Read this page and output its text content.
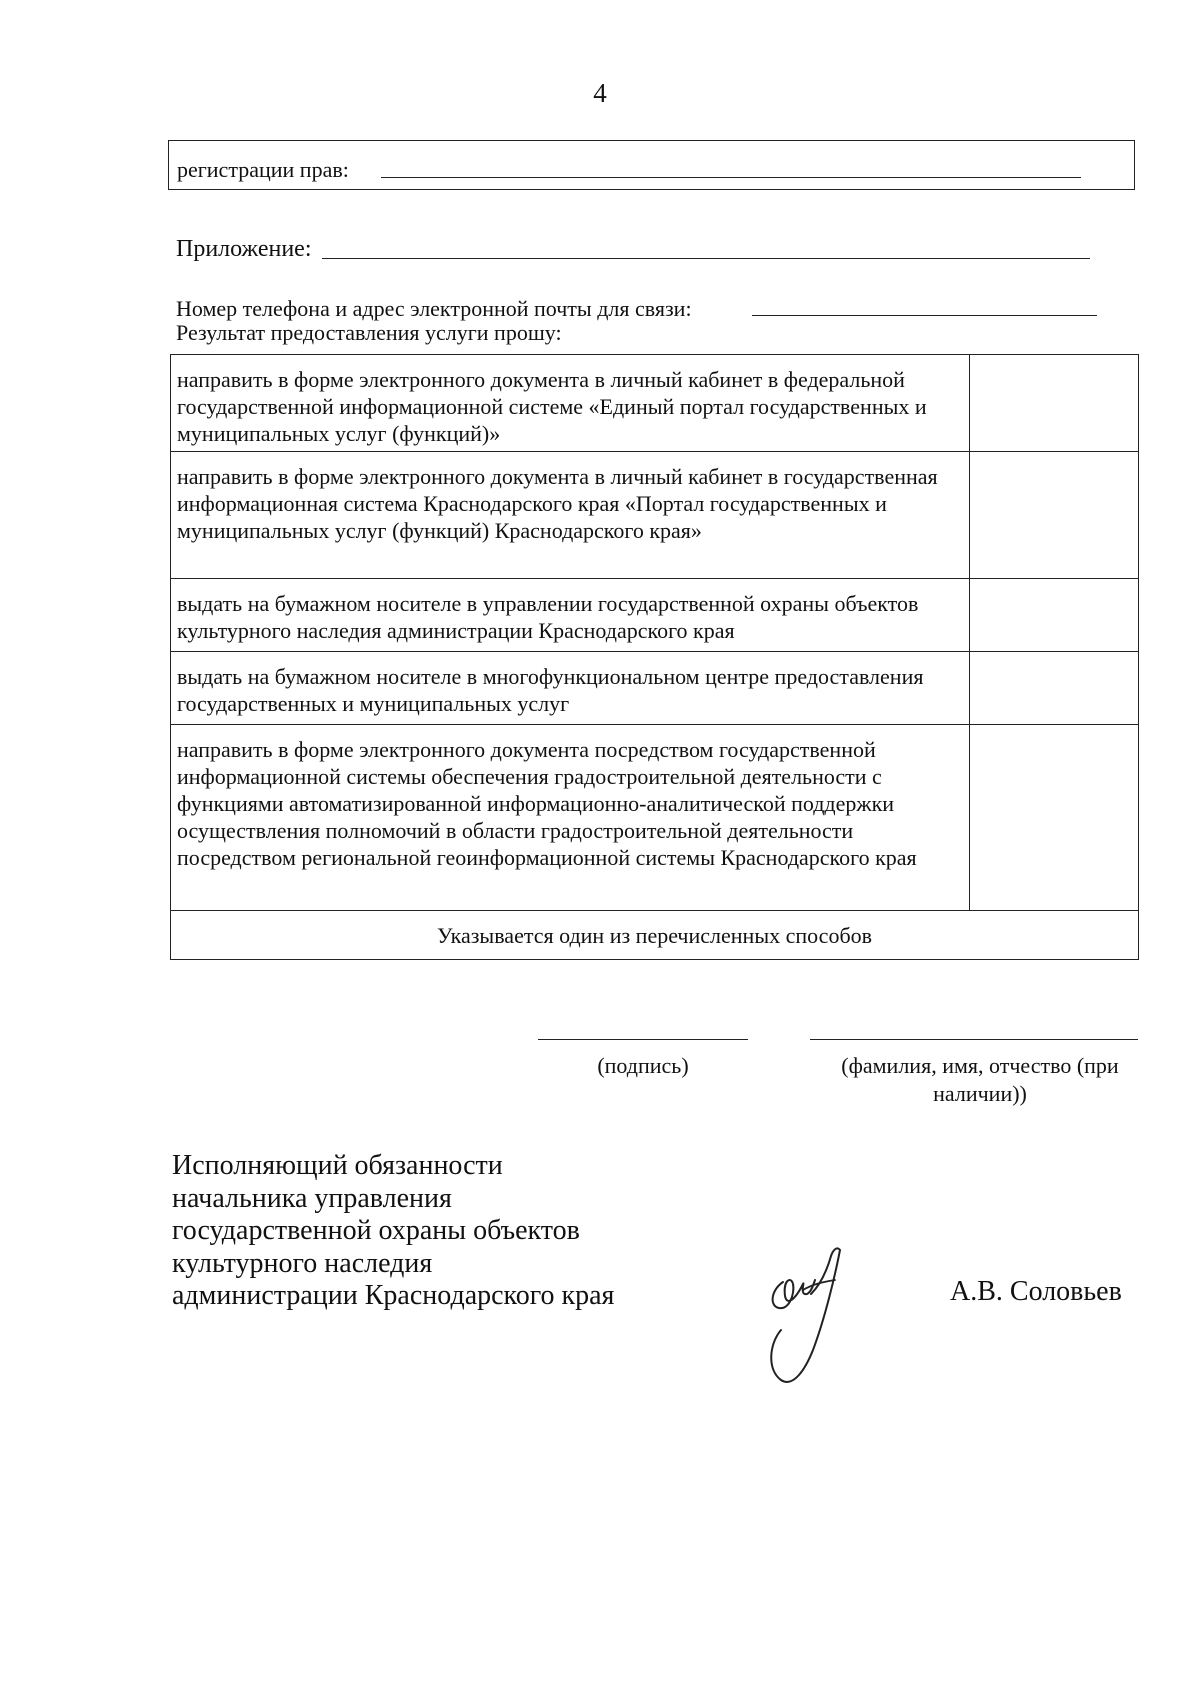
4
регистрации прав:
Приложение:
Номер телефона и адрес электронной почты для связи:
Результат предоставления услуги прошу:
направить в форме электронного документа в личный кабинет в федеральной государственной информационной системе «Единый портал государственных и муниципальных услуг (функций)»	
направить в форме электронного документа в личный кабинет в государственная информационная система Краснодарского края «Портал государственных и муниципальных услуг (функций) Краснодарского края»	
выдать на бумажном носителе в управлении государственной охраны объектов культурного наследия администрации Краснодарского края	
выдать на бумажном носителе в многофункциональном центре предоставления государственных и муниципальных услуг	
направить в форме электронного документа посредством государственной информационной системы обеспечения градостроительной деятельности с функциями автоматизированной информационно-аналитической поддержки осуществления полномочий в области градостроительной деятельности посредством региональной геоинформационной системы Краснодарского края	
Указывается один из перечисленных способов	
(подпись)	(фамилия, имя, отчество (при наличии))
Исполняющий обязанности
начальника управления
государственной охраны объектов
культурного наследия
администрации Краснодарского края	А.В. Соловьев
